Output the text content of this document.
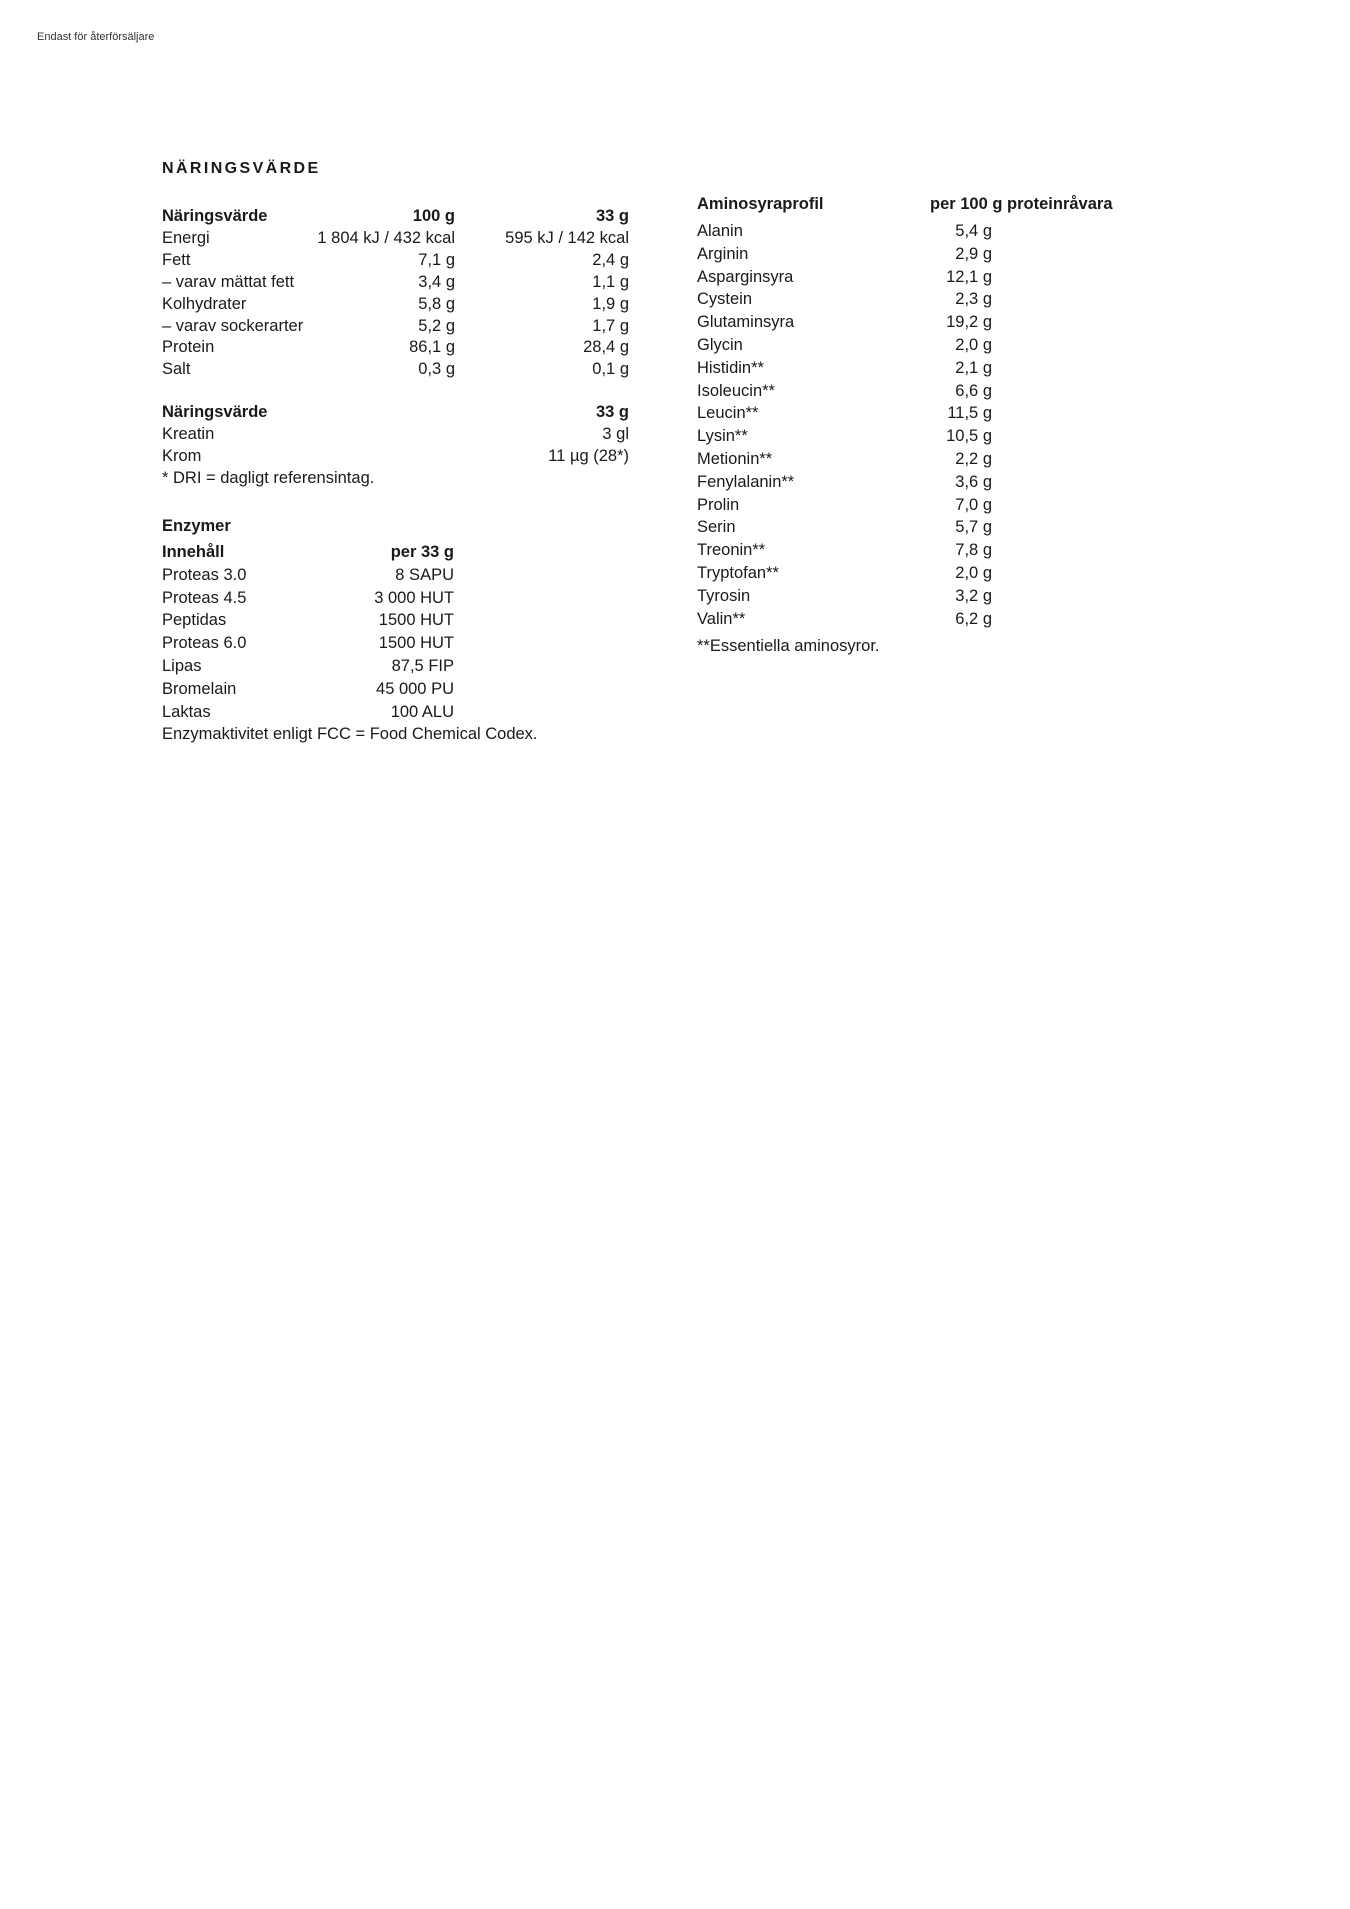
Endast för återförsäljare
NÄRINGSVÄRDE
Näringsvärde	100 g	33 g
Energi	1 804 kJ / 432 kcal	595 kJ / 142 kcal
Fett	7,1 g	2,4 g
– varav mättat fett	3,4 g	1,1 g
Kolhydrater	5,8 g	1,9 g
– varav sockerarter	5,2 g	1,7 g
Protein	86,1 g	28,4 g
Salt	0,3 g	0,1 g
Näringsvärde	33 g
Kreatin	3 gl
Krom	11 µg (28*)
* DRI = dagligt referensintag.
Enzymer
Innehåll	per 33 g
Proteas 3.0	8 SAPU
Proteas 4.5	3 000 HUT
Peptidas	1500 HUT
Proteas 6.0	1500 HUT
Lipas	87,5 FIP
Bromelain	45 000 PU
Laktas	100 ALU
Enzymaktivitet enligt FCC = Food Chemical Codex.
Aminosyraprofil	per 100 g proteinråvara
Alanin	5,4 g
Arginin	2,9 g
Asparginsyra	12,1 g
Cystein	2,3 g
Glutaminsyra	19,2 g
Glycin	2,0 g
Histidin**	2,1 g
Isoleucin**	6,6 g
Leucin**	11,5 g
Lysin**	10,5 g
Metionin**	2,2 g
Fenylalanin**	3,6 g
Prolin	7,0 g
Serin	5,7 g
Treonin**	7,8 g
Tryptofan**	2,0 g
Tyrosin	3,2 g
Valin**	6,2 g
**Essentiella aminosyror.
